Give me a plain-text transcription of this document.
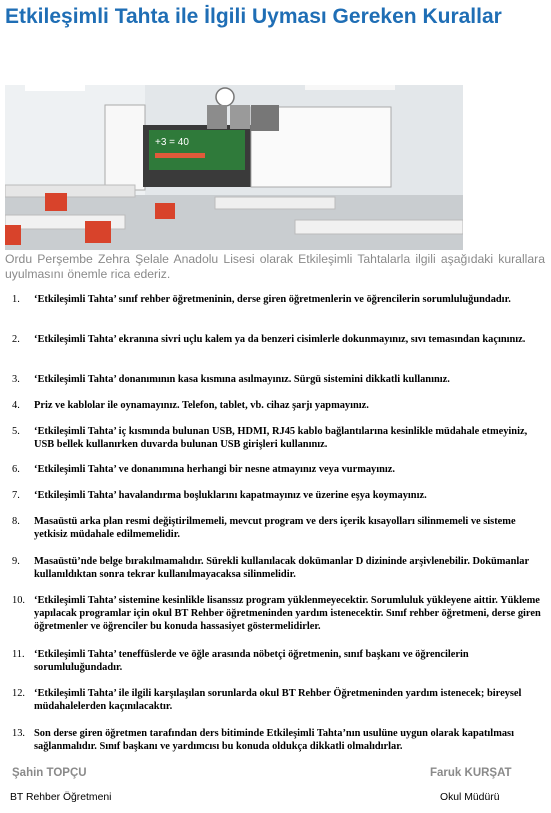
Etkileşimli Tahta ile İlgili Uyması Gereken Kurallar
+3 = 40

Ordu Perşembe Zehra Şelale Anadolu Lisesi olarak Etkileşimli Tahtalarla ilgili aşağıdaki kurallara uyulmasını önemle rica ederiz.

1.	‘Etkileşimli Tahta’ sınıf rehber öğretmeninin, derse giren öğretmenlerin ve öğrencilerin sorumluluğundadır.
2.	‘Etkileşimli Tahta’ ekranına sivri uçlu kalem ya da benzeri cisimlerle dokunmayınız, sıvı temasından kaçınınız.
3.	‘Etkileşimli Tahta’ donanımının kasa kısmına asılmayınız. Sürgü sistemini dikkatli kullanınız.
4.	Priz ve kablolar ile oynamayınız. Telefon, tablet, vb. cihaz şarjı yapmayınız.
5.	‘Etkileşimli Tahta’ iç kısmında bulunan USB, HDMI, RJ45 kablo bağlantılarına kesinlikle müdahale etmeyiniz, USB bellek kullanırken duvarda bulunan USB girişleri kullanınız.
6.	‘Etkileşimli Tahta’ ve donanımına herhangi bir nesne atmayınız veya vurmayınız.
7.	‘Etkileşimli Tahta’ havalandırma boşluklarını kapatmayınız ve üzerine eşya koymayınız.
8.	Masaüstü arka plan resmi değiştirilmemeli, mevcut program ve ders içerik kısayolları silinmemeli ve sisteme yetkisiz müdahale edilmemelidir.
9.	Masaüstü’nde belge bırakılmamalıdır. Sürekli kullanılacak dokümanlar D dizininde arşivlenebilir. Dokümanlar kullanıldıktan sonra tekrar kullanılmayacaksa silinmelidir.
10. ‘Etkileşimli Tahta’ sistemine kesinlikle lisanssız program yüklenmeyecektir. Sorumluluk yükleyene aittir. Yükleme yapılacak programlar için okul BT Rehber öğretmeninden yardım istenecektir. Sınıf rehber öğretmeni, derse giren öğretmenler ve öğrenciler bu konuda hassasiyet göstermelidirler.
11. ‘Etkileşimli Tahta’ teneffüslerde ve öğle arasında nöbetçi öğretmenin, sınıf başkanı ve öğrencilerin sorumluluğundadır.
12. ‘Etkileşimli Tahta’ ile ilgili karşılaşılan sorunlarda okul BT Rehber Öğretmeninden yardım istenecek; bireysel müdahalelerden kaçınılacaktır.
13. Son derse giren öğretmen tarafından ders bitiminde Etkileşimli Tahta’nın usulüne uygun olarak kapatılması sağlanmalıdır. Sınıf başkanı ve yardımcısı bu konuda oldukça dikkatli olmalıdırlar.
Şahin TOPÇU
BT Rehber Öğretmeni
Faruk KURŞAT
Okul Müdürü
